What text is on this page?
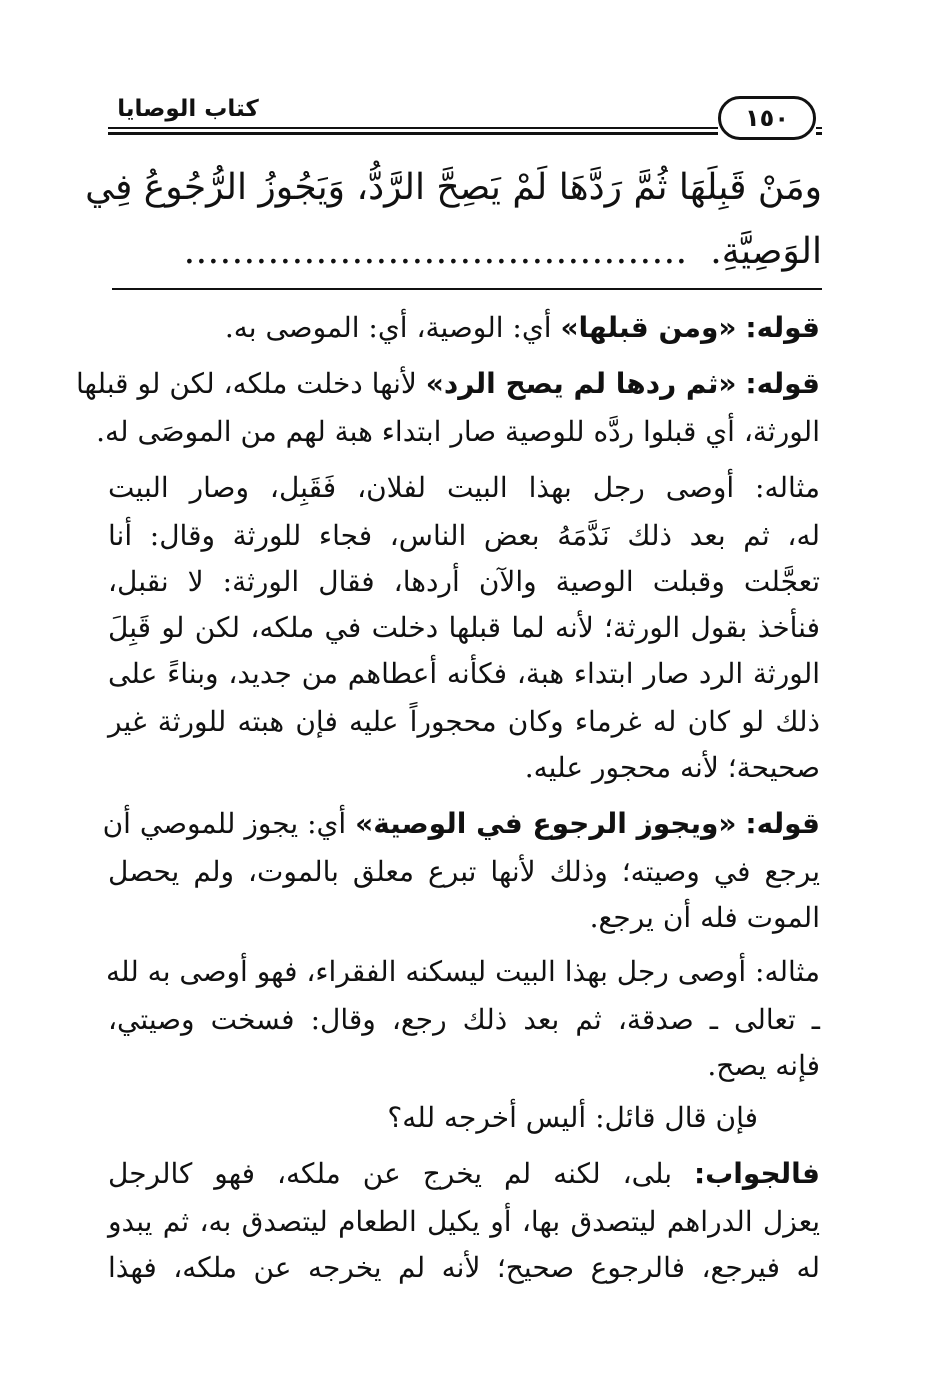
كتاب الوصايا	١٥٠
ومَنْ قَبِلَهَا ثُمَّ رَدَّهَا لَمْ يَصِحَّ الرَّدُّ، وَيَجُوزُ الرُّجُوعُ فِي
الوَصِيَّةِ.  ……………………………………
قوله: «ومن قبلها» أي: الوصية، أي: الموصى به.
قوله: «ثم ردها لم يصح الرد» لأنها دخلت ملكه، لكن لو قبلها
الورثة، أي قبلوا ردَّه للوصية صار ابتداء هبة لهم من الموصَى له.
مثاله: أوصى رجل بهذا البيت لفلان، فَقَبِل، وصار البيت
له، ثم بعد ذلك نَدَّمَهُ بعض الناس، فجاء للورثة وقال: أنا
تعجَّلت وقبلت الوصية والآن أردها، فقال الورثة: لا نقبل،
فنأخذ بقول الورثة؛ لأنه لما قبلها دخلت في ملكه، لكن لو قَبِلَ
الورثة الرد صار ابتداء هبة، فكأنه أعطاهم من جديد، وبناءً على
ذلك لو كان له غرماء وكان محجوراً عليه فإن هبته للورثة غير
صحيحة؛ لأنه محجور عليه.
قوله: «ويجوز الرجوع في الوصية» أي: يجوز للموصي أن
يرجع في وصيته؛ وذلك لأنها تبرع معلق بالموت، ولم يحصل
الموت فله أن يرجع.
مثاله: أوصى رجل بهذا البيت ليسكنه الفقراء، فهو أوصى به لله
ـ تعالى ـ صدقة، ثم بعد ذلك رجع، وقال: فسخت وصيتي،
فإنه يصح.
فإن قال قائل: أليس أخرجه لله؟
فالجواب: بلى، لكنه لم يخرج عن ملكه، فهو كالرجل
يعزل الدراهم ليتصدق بها، أو يكيل الطعام ليتصدق به، ثم يبدو
له فيرجع، فالرجوع صحيح؛ لأنه لم يخرجه عن ملكه، فهذا
